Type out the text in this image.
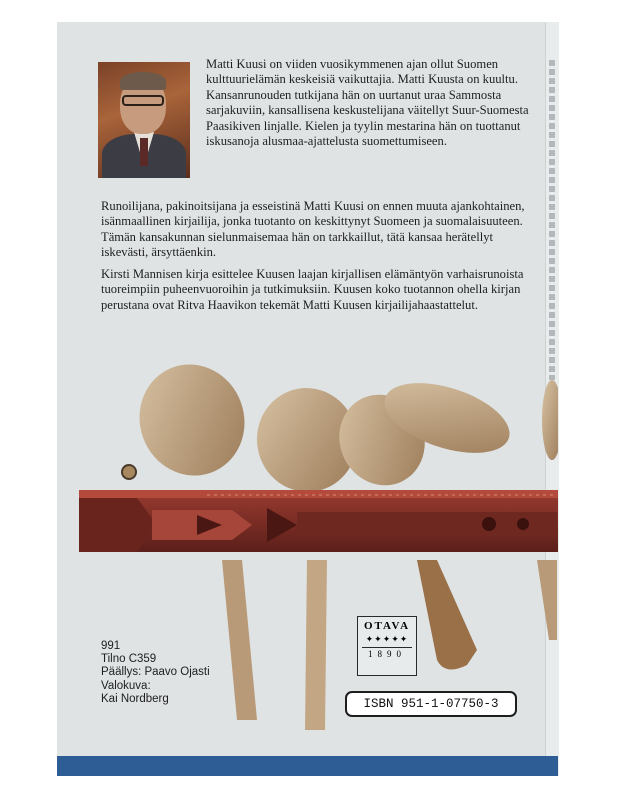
Matti Kuusi on viiden vuosikymmenen ajan ollut Suomen kulttuurielämän keskeisiä vaikuttajia. Matti Kuusta on kuultu. Kansanrunouden tutkijana hän on uurtanut uraa Sammosta sarjakuviin, kansallisena keskustelijana väitellyt Suur-Suomesta Paasikiven linjalle. Kielen ja tyylin mestarina hän on tuottanut iskusanoja alusmaa-ajattelusta suomettumiseen.
Runoilijana, pakinoitsijana ja esseistinä Matti Kuusi on ennen muuta ajankohtainen, isänmaallinen kirjailija, jonka tuotanto on keskittynyt Suomeen ja suomalaisuuteen. Tämän kansakunnan sielunmaisemaa hän on tarkkaillut, tätä kansaa herätellyt iskevästi, ärsyttäenkin.
Kirsti Mannisen kirja esittelee Kuusen laajan kirjallisen elämäntyön varhaisrunoista tuoreimpiin puheenvuoroihin ja tutkimuksiin. Kuusen koko tuotannon ohella kirjan perustana ovat Ritva Haavikon tekemät Matti Kuusen kirjailijahaastattelut.
991
Tilno C359
Päällys: Paavo Ojasti
Valokuva:
Kai Nordberg
OTAVA
✦✦✦✦✦
1890
ISBN 951-1-07750-3
